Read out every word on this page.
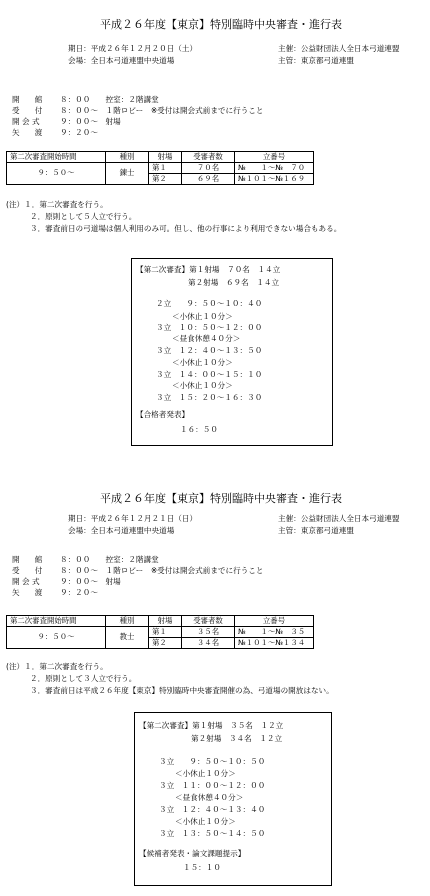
平成２６年度【東京】特別臨時中央審査・進行表
期日：平成２６年１２月２０日（土）
会場：全日本弓道連盟中央道場
主催：公益財団法人全日本弓道連盟
主管：東京都弓道連盟
開　　館 ８：００　　控室：２階講堂
受　　付 ８：００～　１階ロビー　※受付は開会式前までに行うこと
開 会 式	９：００～　射場
矢　　渡 ９：２０～
第二次審査開始時間	種別	射場	受審者数	立番号
９：５０～	錬士	第１	７０名	№　　１～№　７０
		第２	６９名	№１０１～№１６９
(注）１．第二次審査を行う。
２．原則として５人立で行う。
３．審査前日の弓道場は個人利用のみ可。但し、他の行事により利用できない場合もある。
【第二次審査】第１射場　７０名　１４立
第２射場　６９名　１４立
２立　　９：５０～１０：４０
＜小休止１０分＞
３立　１０：５０～１２：００
＜昼食休憩４０分＞
３立　１２：４０～１３：５０
＜小休止１０分＞
３立　１４：００～１５：１０
＜小休止１０分＞
３立　１５：２０～１６：３０
【合格者発表】
１６：５０
平成２６年度【東京】特別臨時中央審査・進行表
期日：平成２６年１２月２１日（日）
会場：全日本弓道連盟中央道場
主催：公益財団法人全日本弓道連盟
主管：東京都弓道連盟
開　　館 ８：００　　控室：２階講堂
受　　付 ８：００～　１階ロビー　※受付は開会式前までに行うこと
開 会 式	９：００～　射場
矢　　渡 ９：２０～
第二次審査開始時間	種別	射場	受審者数	立番号
９：５０～	教士	第１	３５名	№　　１～№　３５
		第２	３４名	№１０１～№１３４
(注）１．第二次審査を行う。
２．原則として３人立で行う。
３．審査前日は平成２６年度【東京】特別臨時中央審査開催の為、弓道場の開放はない。
【第二次審査】第１射場　３５名　１２立
第２射場　３４名　１２立
３立　　９：５０～１０：５０
＜小休止１０分＞
３立　１１：００～１２：００
＜昼食休憩４０分＞
３立　１２：４０～１３：４０
＜小休止１０分＞
３立　１３：５０～１４：５０
【候補者発表・論文課題提示】
１５：１０
